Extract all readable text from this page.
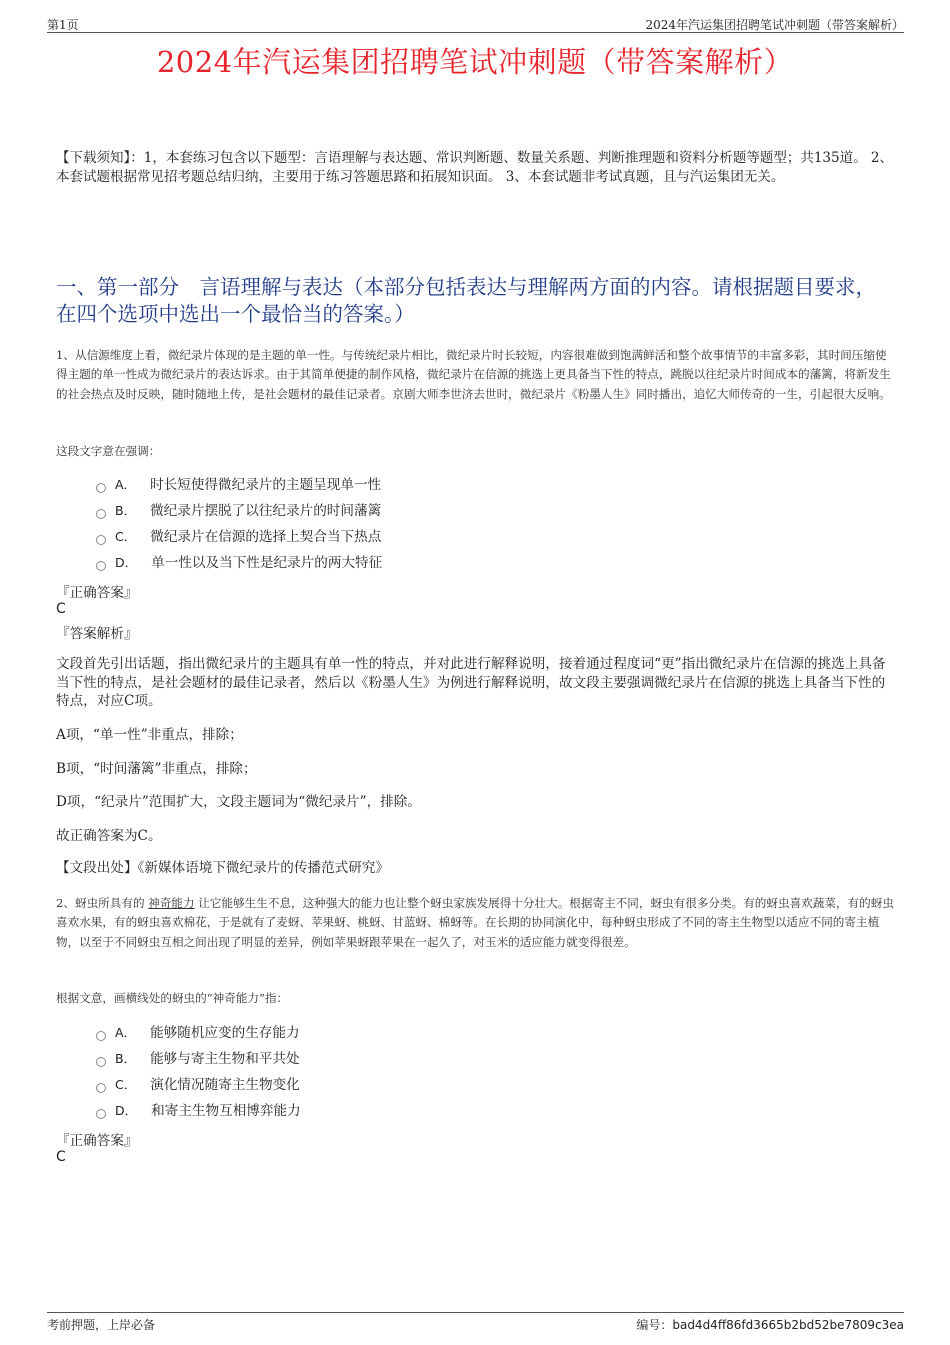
第1页	2024年汽运集团招聘笔试冲刺题（带答案解析）
2024年汽运集团招聘笔试冲刺题（带答案解析）
【下载须知】：1，本套练习包含以下题型：言语理解与表达题、常识判断题、数量关系题、判断推理题和资料分析题等题型；共135道。 2、本套试题根据常见招考题总结归纳，主要用于练习答题思路和拓展知识面。 3、本套试题非考试真题，且与汽运集团无关。
一、第一部分　言语理解与表达（本部分包括表达与理解两方面的内容。请根据题目要求，在四个选项中选出一个最恰当的答案。）
1、从信源维度上看，微纪录片体现的是主题的单一性。与传统纪录片相比，微纪录片时长较短，内容很难做到饱满鲜活和整个故事情节的丰富多彩，其时间压缩使得主题的单一性成为微纪录片的表达诉求。由于其简单便捷的制作风格，微纪录片在信源的挑选上更具备当下性的特点，跳脱以往纪录片时间成本的藩篱，将新发生的社会热点及时反映，随时随地上传，是社会题材的最佳记录者。京剧大师李世济去世时，微纪录片《粉墨人生》同时播出，追忆大师传奇的一生，引起很大反响。
这段文字意在强调：
A． 时长短使得微纪录片的主题呈现单一性
B． 微纪录片摆脱了以往纪录片的时间藩篱
C． 微纪录片在信源的选择上契合当下热点
D． 单一性以及当下性是纪录片的两大特征
『正确答案』
C
『答案解析』
文段首先引出话题，指出微纪录片的主题具有单一性的特点，并对此进行解释说明，接着通过程度词“更”指出微纪录片在信源的挑选上具备当下性的特点，是社会题材的最佳记录者，然后以《粉墨人生》为例进行解释说明，故文段主要强调微纪录片在信源的挑选上具备当下性的特点，对应C项。
A项，“单一性”非重点，排除；
B项，“时间藩篱”非重点，排除；
D项，“纪录片”范围扩大，文段主题词为“微纪录片”，排除。
故正确答案为C。
【文段出处】《新媒体语境下微纪录片的传播范式研究》
2、蚜虫所具有的 神奇能力 让它能够生生不息，这种强大的能力也让整个蚜虫家族发展得十分壮大。根据寄主不同，蚜虫有很多分类。有的蚜虫喜欢蔬菜，有的蚜虫喜欢水果，有的蚜虫喜欢棉花，于是就有了麦蚜、苹果蚜、桃蚜、甘蓝蚜、棉蚜等。在长期的协同演化中，每种蚜虫形成了不同的寄主生物型以适应不同的寄主植物，以至于不同蚜虫互相之间出现了明显的差异，例如苹果蚜跟苹果在一起久了，对玉米的适应能力就变得很差。
根据文意，画横线处的蚜虫的“神奇能力”指：
A． 能够随机应变的生存能力
B． 能够与寄主生物和平共处
C． 演化情况随寄主生物变化
D． 和寄主生物互相博弈能力
『正确答案』
C
考前押题，上岸必备	编号：bad4d4ff86fd3665b2bd52be7809c3ea
